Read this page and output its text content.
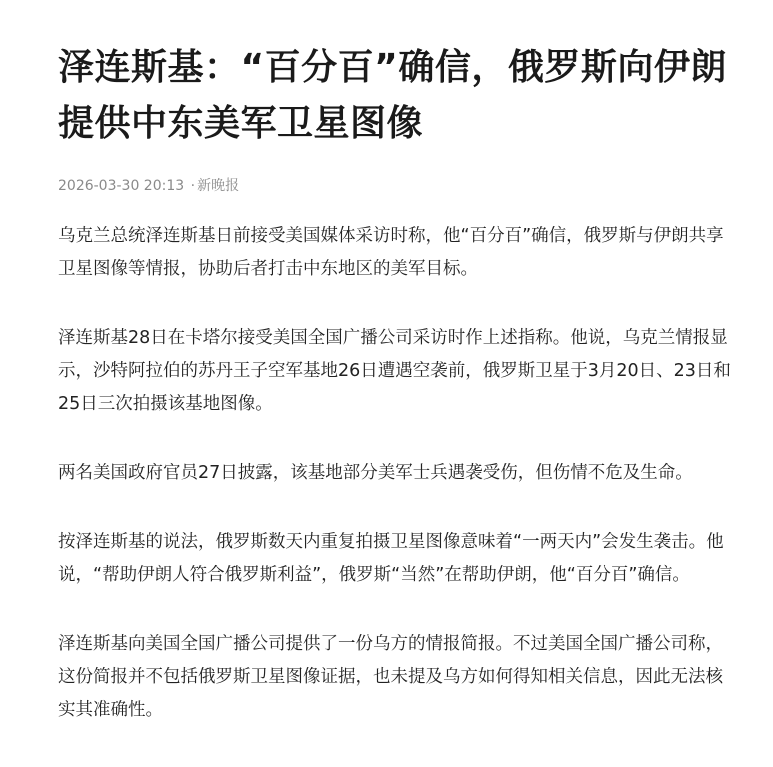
泽连斯基：“百分百”确信，俄罗斯向伊朗提供中东美军卫星图像
2026-03-30 20:13 · 新晚报

乌克兰总统泽连斯基日前接受美国媒体采访时称，他“百分百”确信，俄罗斯与伊朗共享卫星图像等情报，协助后者打击中东地区的美军目标。

泽连斯基28日在卡塔尔接受美国全国广播公司采访时作上述指称。他说，乌克兰情报显示，沙特阿拉伯的苏丹王子空军基地26日遭遇空袭前，俄罗斯卫星于3月20日、23日和25日三次拍摄该基地图像。

两名美国政府官员27日披露，该基地部分美军士兵遇袭受伤，但伤情不危及生命。

按泽连斯基的说法，俄罗斯数天内重复拍摄卫星图像意味着“一两天内”会发生袭击。他说，“帮助伊朗人符合俄罗斯利益”，俄罗斯“当然”在帮助伊朗，他“百分百”确信。

泽连斯基向美国全国广播公司提供了一份乌方的情报简报。不过美国全国广播公司称，这份简报并不包括俄罗斯卫星图像证据，也未提及乌方如何得知相关信息，因此无法核实其准确性。
